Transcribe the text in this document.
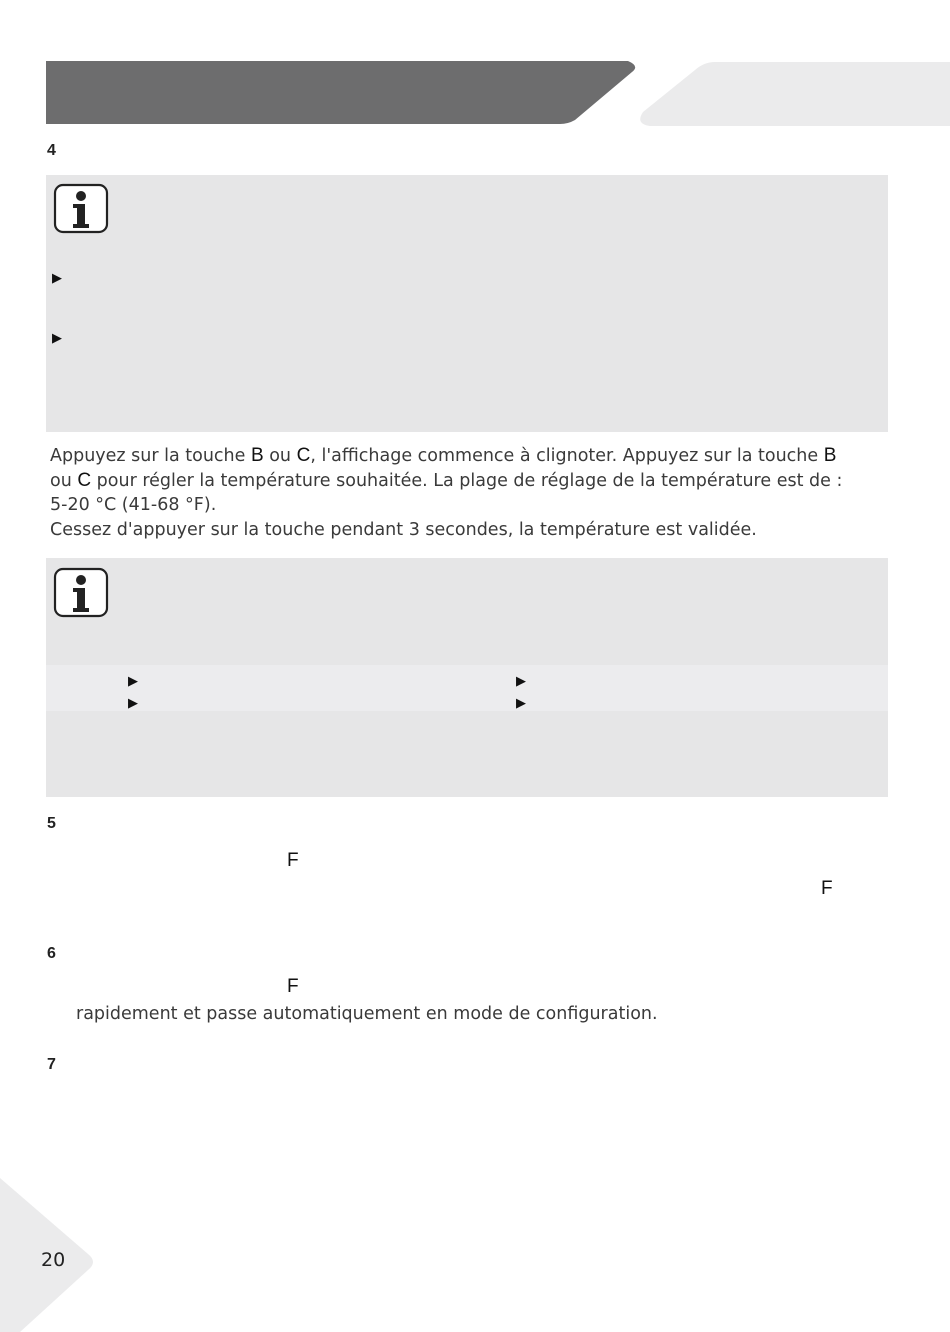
4
▶
▶
Appuyez sur la touche B ou C, l'affichage commence à clignoter. Appuyez sur la touche B
ou C pour régler la température souhaitée. La plage de réglage de la température est de :
5-20 °C (41-68 °F).
Cessez d'appuyer sur la touche pendant 3 secondes, la température est validée.
▶
▶
▶
▶
5
F
F
6
F
rapidement et passe automatiquement en mode de configuration.
7
20
